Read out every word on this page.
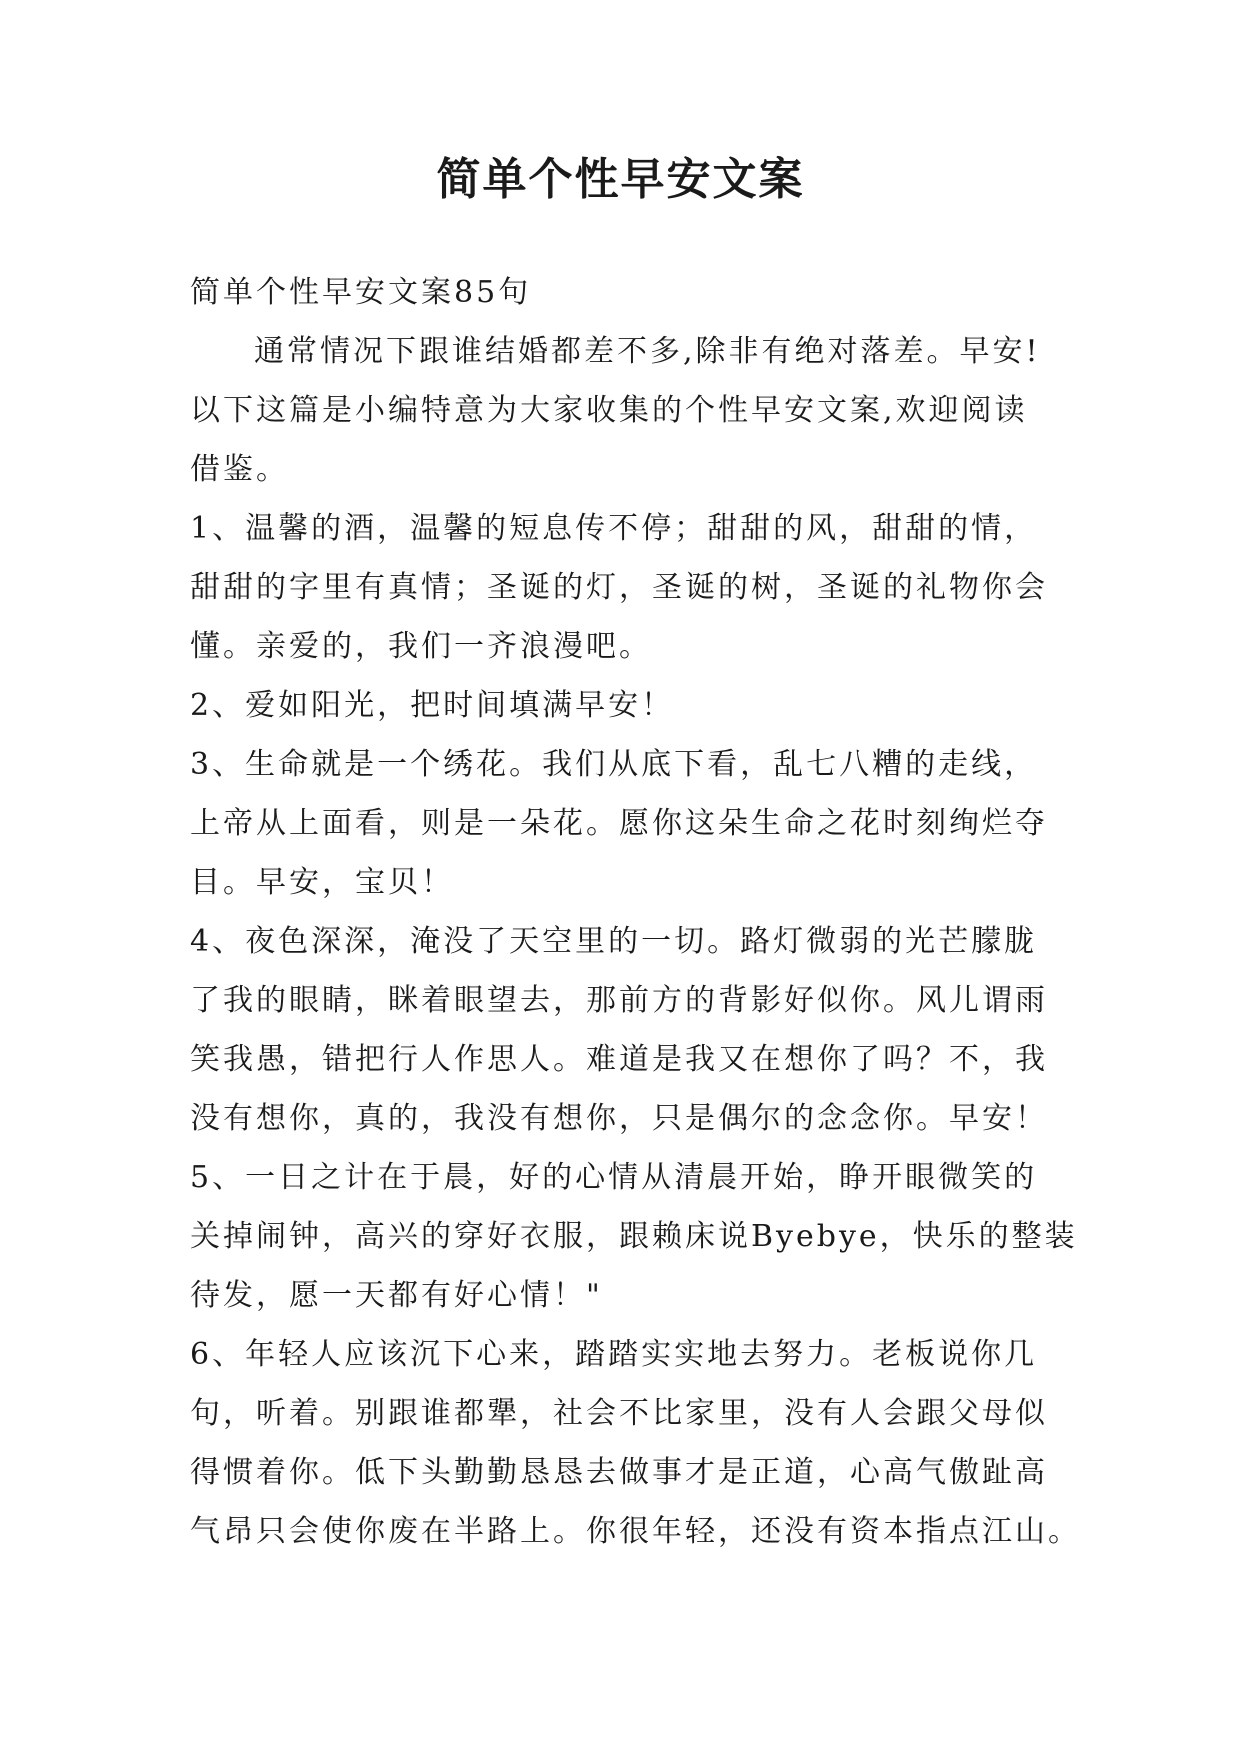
简单个性早安文案
简单个性早安文案85句
通常情况下跟谁结婚都差不多,除非有绝对落差。早安!
以下这篇是小编特意为大家收集的个性早安文案,欢迎阅读
借鉴。
1、温馨的酒，温馨的短息传不停；甜甜的风，甜甜的情，
甜甜的字里有真情；圣诞的灯，圣诞的树，圣诞的礼物你会
懂。亲爱的，我们一齐浪漫吧。
2、爱如阳光，把时间填满早安！
3、生命就是一个绣花。我们从底下看，乱七八糟的走线，
上帝从上面看，则是一朵花。愿你这朵生命之花时刻绚烂夺
目。早安，宝贝！
4、夜色深深，淹没了天空里的一切。路灯微弱的光芒朦胧
了我的眼睛，眯着眼望去，那前方的背影好似你。风儿谓雨
笑我愚，错把行人作思人。难道是我又在想你了吗？不，我
没有想你，真的，我没有想你，只是偶尔的念念你。早安！
5、一日之计在于晨，好的心情从清晨开始，睁开眼微笑的
关掉闹钟，高兴的穿好衣服，跟赖床说Byebye，快乐的整装
待发，愿一天都有好心情！"
6、年轻人应该沉下心来，踏踏实实地去努力。老板说你几
句，听着。别跟谁都犟，社会不比家里，没有人会跟父母似
得惯着你。低下头勤勤恳恳去做事才是正道，心高气傲趾高
气昂只会使你废在半路上。你很年轻，还没有资本指点江山。
